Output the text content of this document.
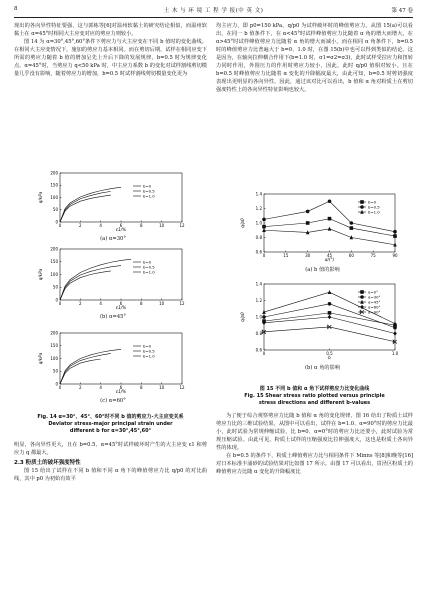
8	土 木 与 环 境 工 程 学 报(中 英 文)	第 47 卷

现出的各向异性特征要强，这与郭栋等[6]对温州软黏土的研究结论相似，而温州软黏土在 α=45°时相同大主应变对应的剪应力则较小。

图 14 为 α=30°,45°,60°条件下剪应力与大主应变在不同 b 值时的变化曲线。在相同大主应变情况下，施加的剪应力基本相同。而在剪切后期，试样在相同应变下所需的剪应力随着 b 值的增加呈先上升后下降的发展规律，b=0.5 时为规律变化点。α=45°时，当剪应力 q<50 kPa 时，中主应力系数 b 的变化对试样割线剪切模量几乎没有影响，随着剪应力的增加，b=0.5 时试样割线剪切模量变化更为

0	2	4	6	8	10	12
0
50
100
150
200
ε1/%
q/kPa
b=0
b=0.5
b=1.0
(a) α=30°
0	2	4	6	8	10	12
0
50
100
150
200
ε1/%
q/kPa
b=0
b=0.5
b=1.0
(b) α=45°
0	2	4	6	8	10	12
0
50
100
150
200
ε1/%
q/kPa
b=0
b=0.5
b=1.0
(c) α=60°
Fig. 14 α=30°、45°、60°时不同 b 值的剪应力-大主应变关系
Deviator stress-major principal strain under
different b for α=30°,45°,60°

明显，各向异性更大，且在 b=0.5、α=45°时试样破坏时产生的大主应变 ε1 和剪应力 q 都最大。

2.3 粉质土的破坏强度特性

图 15 给出了试样在不同 b 值和不同 α 角下的峰值剪应力比 q/p0 的对比曲线，其中 p0 为初始有效平

均主应力，即 p0=150 kPa。q/p0 为试样破坏时的峰值剪应力。从图 15(a)可以看出，在同一 b 值条件下，在 α<45°时试样峰值剪应力比随着 α 角的增大而增大，在 α>45°时试样峰值剪应力比随着 α 角的增大而减小。而在相同 α 角条件下，b=0.5 时的峰值剪应力比普遍大于 b=0、1.0 时，在图 15(b)中也可以得到类似的结论。这是因为，在轴向拉伸耦合作用下(b=1.0 时，σ1=σ2=σ3)，此时试样受拉应力和扭转力同时作用，外围压力的作用时剪应力较小，因此，此时 q/p0 值相对较小。且在 b=0.5 时峰值剪应力比随着 α 变化的升降幅度最大，由此可知，b=0.5 时剪切强度表现出更明显的各向异性。因此，通过该对比可以看出，b 值和 α 角对粉质土在剪切强度特性上的各向异性特征影响也较大。

0	15	30	45	60	75	90
0.6
0.8
1.0
1.2
1.4
α/(°)
q/p0
b=0
b=0.5
b=1.0
(a) b 值的影响
0	0.5	1.0
0.6
0.8
1.0
1.2
1.4
b
q/p0
α=0°
α=30°
α=45°
α=60°
α=90°
(b) α 角的影响
图 15 不同 b 值和 α 角下试样剪应力比变化曲线
Fig. 15 Shear stress ratio plotted versus principle
stress directions and different b-values

为了便于综合观察剪应力比随 b 值和 α 角的变化规律，图 16 给出了粉质土试样剪应力比的三维试验结果，从图中可以看出，试样在 b=1.0、α=90°时的剪应力比最小，此时试验为常规伸缩试验，比 b=0、α=0°时的剪应力比还要小，此时试验为常规压缩试验。由此可见，粉质土试样的压缩强度比拉伸强度大，这也是粉质土各向异性的体现。

在 b=0.5 的条件下，粉质土峰值剪应力比与相同条件下 Minns 等[8]和晚等[16]对日本标准丰浦砂的试验结果对比如图 17 所示。由图 17 可以看出，贯泾区粉质土的峰值剪应力比随 α 变化的升降幅度比
